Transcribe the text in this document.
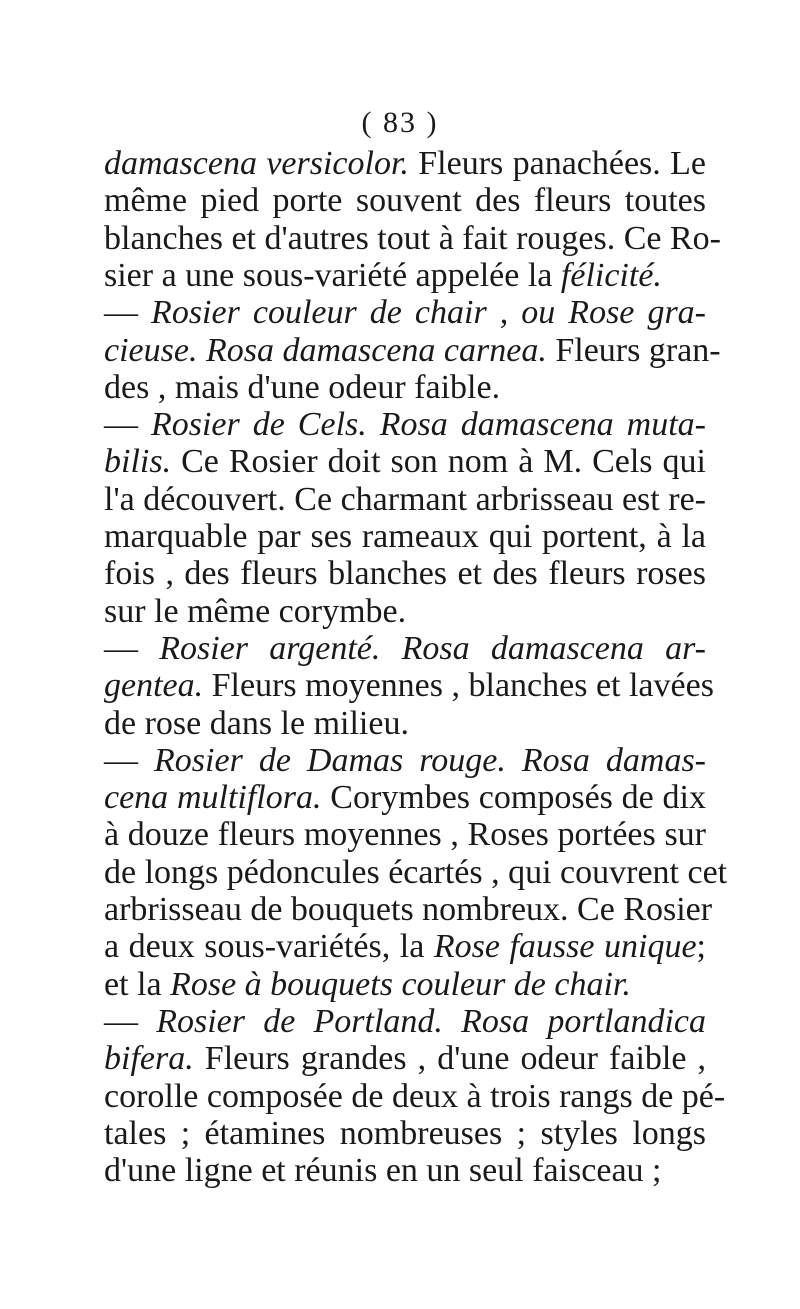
( 83 )
damascena versicolor. Fleurs panachées. Le
même pied porte souvent des fleurs toutes
blanches et d'autres tout à fait rouges. Ce Ro-
sier a une sous-variété appelée la félicité.
— Rosier couleur de chair , ou Rose gra-
cieuse. Rosa damascena carnea. Fleurs gran-
des , mais d'une odeur faible.
— Rosier de Cels. Rosa damascena muta-
bilis. Ce Rosier doit son nom à M. Cels qui
l'a découvert. Ce charmant arbrisseau est re-
marquable par ses rameaux qui portent, à la
fois , des fleurs blanches et des fleurs roses
sur le même corymbe.
— Rosier argenté. Rosa damascena ar-
gentea. Fleurs moyennes , blanches et lavées
de rose dans le milieu.
— Rosier de Damas rouge. Rosa damas-
cena multiflora. Corymbes composés de dix
à douze fleurs moyennes , Roses portées sur
de longs pédoncules écartés , qui couvrent cet
arbrisseau de bouquets nombreux. Ce Rosier
a deux sous-variétés, la Rose fausse unique;
et la Rose à bouquets couleur de chair.
— Rosier de Portland. Rosa portlandica
bifera. Fleurs grandes , d'une odeur faible ,
corolle composée de deux à trois rangs de pé-
tales ; étamines nombreuses ; styles longs
d'une ligne et réunis en un seul faisceau ;
